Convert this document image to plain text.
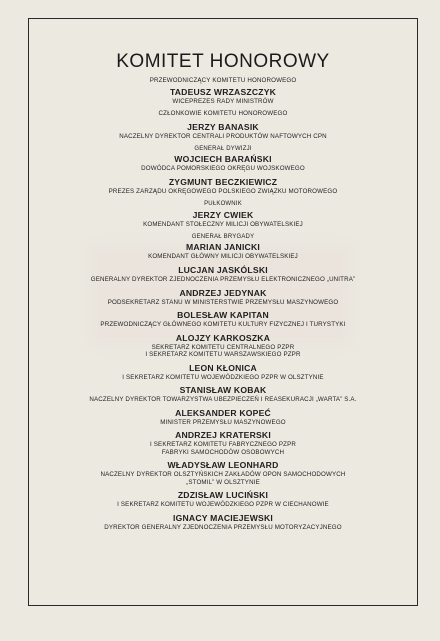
KOMITET HONOROWY

PRZEWODNICZĄCY KOMITETU HONOROWEGO

TADEUSZ WRZASZCZYK

WICEPREZES RADY MINISTRÓW

CZŁONKOWIE KOMITETU HONOROWEGO

JERZY BANASIK

NACZELNY DYREKTOR CENTRALI PRODUKTÓW NAFTOWYCH CPN

GENERAŁ DYWIZJI

WOJCIECH BARAŃSKI

DOWÓDCA POMORSKIEGO OKRĘGU WOJSKOWEGO

ZYGMUNT BECZKIEWICZ

PREZES ZARZĄDU OKRĘGOWEGO POLSKIEGO ZWIĄZKU MOTOROWEGO

PUŁKOWNIK

JERZY CWIEK

KOMENDANT STOŁECZNY MILICJI OBYWATELSKIEJ

GENERAŁ BRYGADY

MARIAN JANICKI

KOMENDANT GŁÓWNY MILICJI OBYWATELSKIEJ

LUCJAN JASKÓLSKI

GENERALNY DYREKTOR ZJEDNOCZENIA PRZEMYSŁU ELEKTRONICZNEGO „UNITRA”

ANDRZEJ JEDYNAK

PODSEKRETARZ STANU W MINISTERSTWIE PRZEMYSŁU MASZYNOWEGO

BOLESŁAW KAPITAN

PRZEWODNICZĄCY GŁÓWNEGO KOMITETU KULTURY FIZYCZNEJ I TURYSTYKI

ALOJZY KARKOSZKA

SEKRETARZ KOMITETU CENTRALNEGO PZPR

I SEKRETARZ KOMITETU WARSZAWSKIEGO PZPR

LEON KŁONICA

I SEKRETARZ KOMITETU WOJEWÓDZKIEGO PZPR W OLSZTYNIE

STANISŁAW KOBAK

NACZELNY DYREKTOR TOWARZYSTWA UBEZPIECZEŃ I REASEKURACJI „WARTA” S.A.

ALEKSANDER KOPEĆ

MINISTER PRZEMYSŁU MASZYNOWEGO

ANDRZEJ KRATERSKI

I SEKRETARZ KOMITETU FABRYCZNEGO PZPR

FABRYKI SAMOCHODÓW OSOBOWYCH

WŁADYSŁAW LEONHARD

NACZELNY DYREKTOR OLSZTYŃSKICH ZAKŁADÓW OPON SAMOCHODOWYCH

„STOMIL” W OLSZTYNIE

ZDZISŁAW LUCIŃSKI

I SEKRETARZ KOMITETU WOJEWÓDZKIEGO PZPR W CIECHANOWIE

IGNACY MACIEJEWSKI

DYREKTOR GENERALNY ZJEDNOCZENIA PRZEMYSŁU MOTORYZACYJNEGO
